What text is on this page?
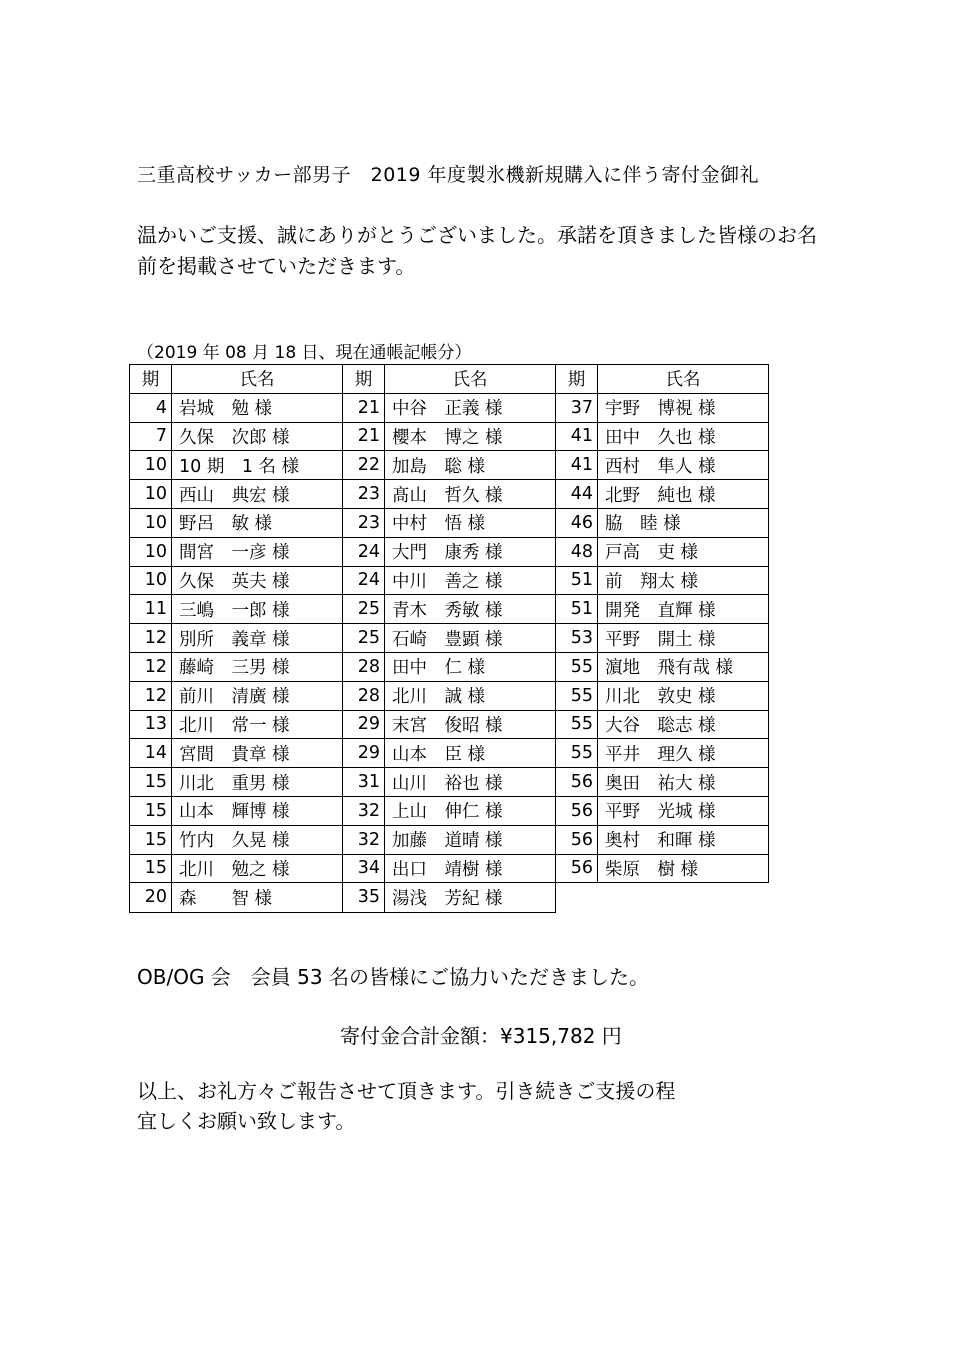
三重高校サッカー部男子　2019 年度製氷機新規購入に伴う寄付金御礼
温かいご支援、誠にありがとうございました。承諾を頂きました皆様のお名
前を掲載させていただきます。
（2019 年 08 月 18 日、現在通帳記帳分）
期	氏名	期	氏名	期	氏名
4	岩城　勉 様	21	中谷　正義 様	37	宇野　博視 様
7	久保　次郎 様	21	櫻本　博之 様	41	田中　久也 様
10	10 期　1 名 様	22	加島　聡 様	41	西村　隼人 様
10	西山　典宏 様	23	髙山　哲久 様	44	北野　純也 様
10	野呂　敏 様	23	中村　悟 様	46	脇　睦 様
10	間宮　一彦 様	24	大門　康秀 様	48	戸高　吏 様
10	久保　英夫 様	24	中川　善之 様	51	前　翔太 様
11	三嶋　一郎 様	25	青木　秀敏 様	51	開発　直輝 様
12	別所　義章 様	25	石崎　豊顕 様	53	平野　開土 様
12	藤崎　三男 様	28	田中　仁 様	55	濵地　飛有哉 様
12	前川　清廣 様	28	北川　誠 様	55	川北　敦史 様
13	北川　常一 様	29	末宮　俊昭 様	55	大谷　聡志 様
14	宮間　貴章 様	29	山本　臣 様	55	平井　理久 様
15	川北　重男 様	31	山川　裕也 様	56	奥田　祐大 様
15	山本　輝博 様	32	上山　伸仁 様	56	平野　光城 様
15	竹内　久晃 様	32	加藤　道晴 様	56	奥村　和暉 様
15	北川　勉之 様	34	出口　靖樹 様	56	柴原　樹 様
20	森　　智 様	35	湯浅　芳紀 様		
OB/OG 会　会員 53 名の皆様にご協力いただきました。
寄付金合計金額：¥315,782 円
以上、お礼方々ご報告させて頂きます。引き続きご支援の程
宜しくお願い致します。
